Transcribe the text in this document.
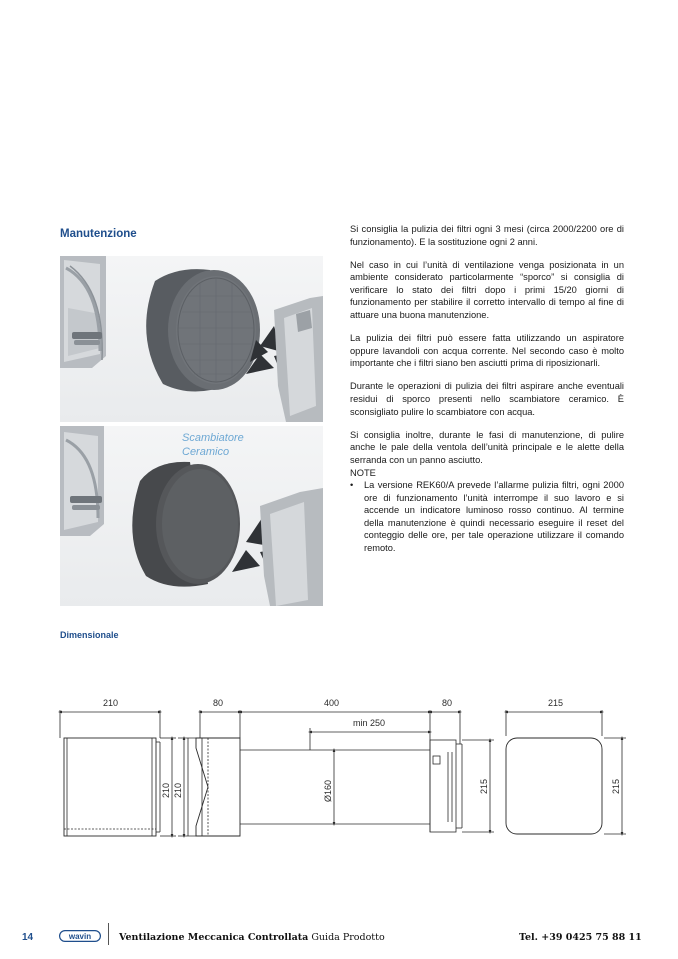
Manutenzione

Scambiatore
Ceramico

Si consiglia la pulizia dei filtri ogni 3 mesi (circa 2000/2200 ore di funzionamento). E la sostituzione ogni 2 anni.

Nel caso in cui l’unità di ventilazione venga posizionata in un ambiente considerato particolarmente “sporco” si consiglia di verificare lo stato dei filtri dopo i primi 15/20 giorni di funzionamento per stabilire il corretto intervallo di tempo al fine di attuare una buona manutenzione.

La pulizia dei filtri può essere fatta utilizzando un aspiratore oppure lavandoli con acqua corrente. Nel secondo caso è molto importante che i filtri siano ben asciutti prima di riposizionarli.

Durante le operazioni di pulizia dei filtri aspirare anche eventuali residui di sporco presenti nello scambiatore ceramico. È sconsigliato pulire lo scambiatore con acqua.

Si consiglia inoltre, durante le fasi di manutenzione, di pulire anche le pale della ventola dell’unità principale e le alette della serranda con un panno asciutto.

NOTE
•	La versione REK60/A prevede l’allarme pulizia filtri, ogni 2000 ore di funzionamento l’unità interrompe il suo lavoro e si accende un indicatore luminoso rosso continuo. Al termine della manutenzione è quindi necessario eseguire il reset del conteggio delle ore, per tale operazione utilizzare il comando remoto.
Dimensionale
210
210
80	400	80
min 250
Ø160
210	215
215
215
14	wavin	Ventilazione Meccanica Controllata Guida Prodotto	Tel. +39 0425 75 88 11
